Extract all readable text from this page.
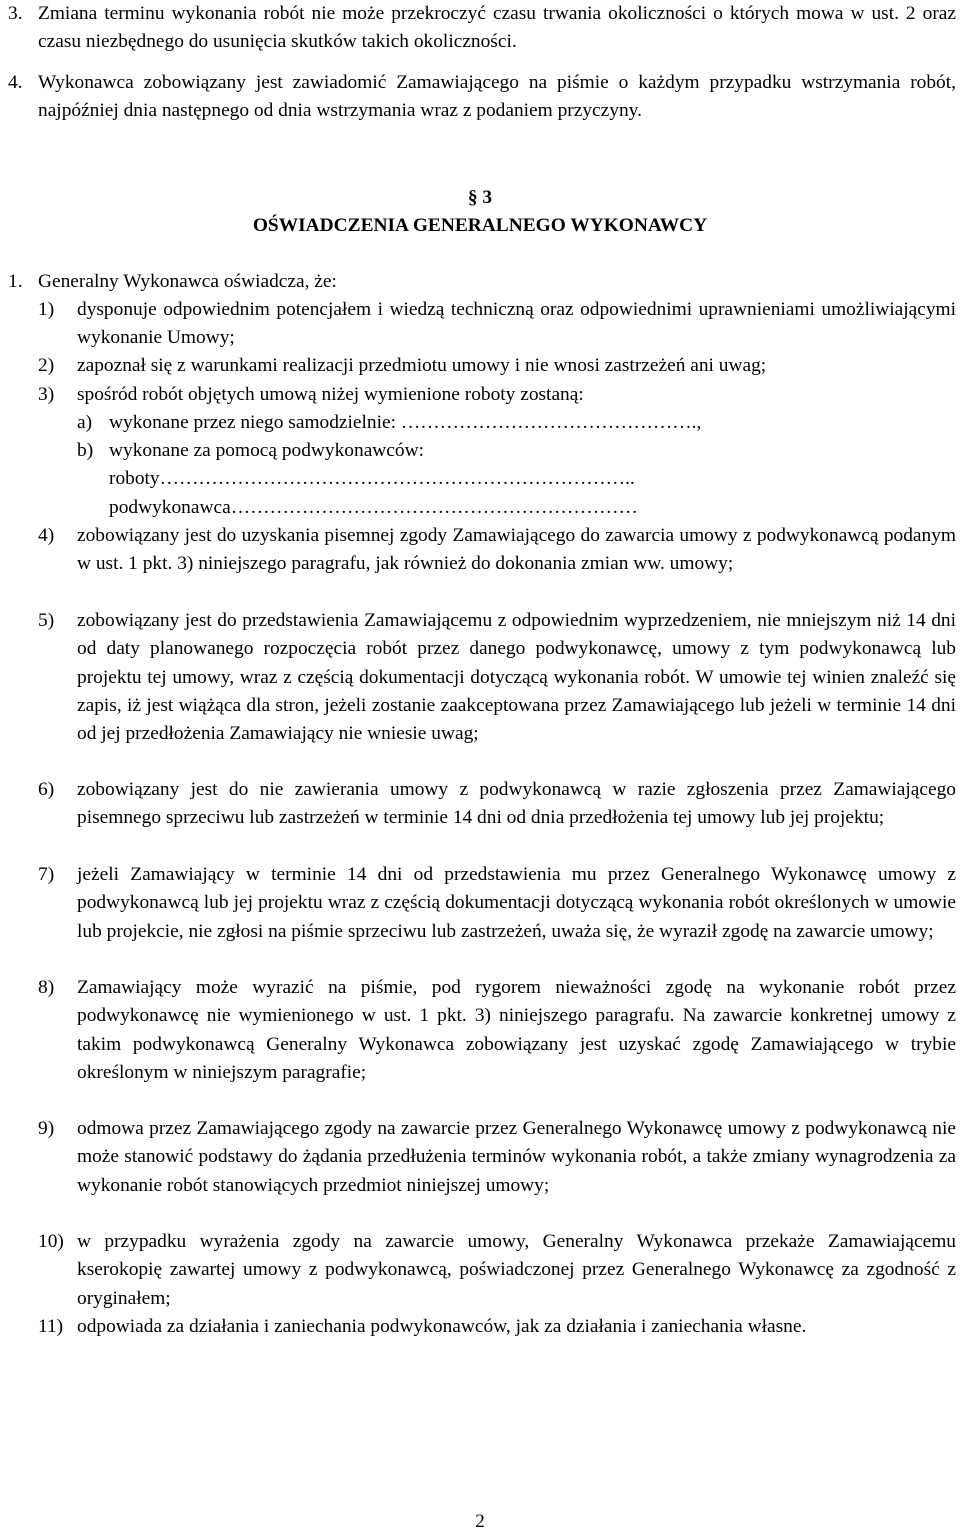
3. Zmiana terminu wykonania robót nie może przekroczyć czasu trwania okoliczności o których mowa w ust. 2 oraz czasu niezbędnego do usunięcia skutków takich okoliczności.

4. Wykonawca zobowiązany jest zawiadomić Zamawiającego na piśmie o każdym przypadku wstrzymania robót, najpóźniej dnia następnego od dnia wstrzymania wraz z podaniem przyczyny.

§ 3

OŚWIADCZENIA GENERALNEGO WYKONAWCY

1. Generalny Wykonawca oświadcza, że:

1) dysponuje odpowiednim potencjałem i wiedzą techniczną oraz odpowiednimi uprawnieniami umożliwiającymi wykonanie Umowy;

2) zapoznał się z warunkami realizacji przedmiotu umowy i nie wnosi zastrzeżeń ani uwag;

3) spośród robót objętych umową niżej wymienione roboty zostaną:

a) wykonane przez niego samodzielnie: ……………………………………….,

b) wykonane za pomocą podwykonawców:

roboty………………………………………………………………..

podwykonawca………………………………………………………

4) zobowiązany jest do uzyskania pisemnej zgody Zamawiającego do zawarcia umowy z podwykonawcą podanym w ust. 1 pkt. 3) niniejszego paragrafu, jak również do dokonania zmian ww. umowy;

5) zobowiązany jest do przedstawienia Zamawiającemu z odpowiednim wyprzedzeniem, nie mniejszym niż 14 dni od daty planowanego rozpoczęcia robót przez danego podwykonawcę, umowy z tym podwykonawcą lub projektu tej umowy, wraz z częścią dokumentacji dotyczącą wykonania robót. W umowie tej winien znaleźć się zapis, iż jest wiążąca dla stron, jeżeli zostanie zaakceptowana przez Zamawiającego lub jeżeli w terminie 14 dni od jej przedłożenia Zamawiający nie wniesie uwag;

6) zobowiązany jest do nie zawierania umowy z podwykonawcą w razie zgłoszenia przez Zamawiającego pisemnego sprzeciwu lub zastrzeżeń w terminie 14 dni od dnia przedłożenia tej umowy lub jej projektu;

7) jeżeli Zamawiający w terminie 14 dni od przedstawienia mu przez Generalnego Wykonawcę umowy z podwykonawcą lub jej projektu wraz z częścią dokumentacji dotyczącą wykonania robót określonych w umowie lub projekcie, nie zgłosi na piśmie sprzeciwu lub zastrzeżeń, uważa się, że wyraził zgodę na zawarcie umowy;

8) Zamawiający może wyrazić na piśmie, pod rygorem nieważności zgodę na wykonanie robót przez podwykonawcę nie wymienionego w ust. 1 pkt. 3) niniejszego paragrafu. Na zawarcie konkretnej umowy z takim podwykonawcą Generalny Wykonawca zobowiązany jest uzyskać zgodę Zamawiającego w trybie określonym w niniejszym paragrafie;

9) odmowa przez Zamawiającego zgody na zawarcie przez Generalnego Wykonawcę umowy z podwykonawcą nie może stanowić podstawy do żądania przedłużenia terminów wykonania robót, a także zmiany wynagrodzenia za wykonanie robót stanowiących przedmiot niniejszej umowy;

10) w przypadku wyrażenia zgody na zawarcie umowy, Generalny Wykonawca przekaże Zamawiającemu kserokopię zawartej umowy z podwykonawcą, poświadczonej przez Generalnego Wykonawcę za zgodność z oryginałem;

11) odpowiada za działania i zaniechania podwykonawców, jak za działania i zaniechania własne.

2
